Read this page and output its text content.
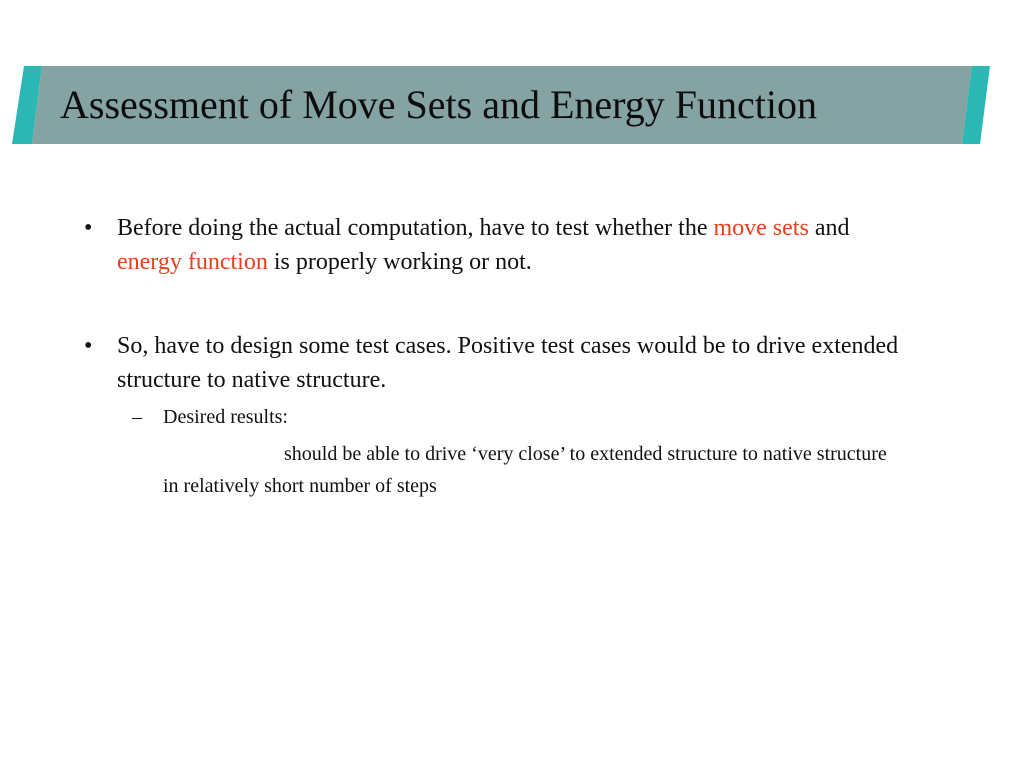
Assessment of Move Sets and Energy Function
• Before doing the actual computation, have to test whether the move sets and energy function is properly working or not.

• So, have to design some test cases. Positive test cases would be to drive extended structure to native structure.

– Desired results:

should be able to drive ‘very close’ to extended structure to native structure in relatively short number of steps
